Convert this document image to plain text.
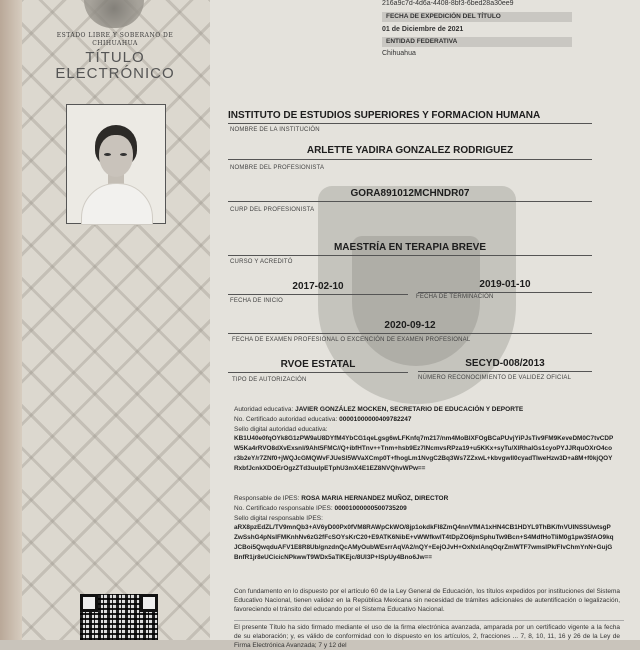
ESTADO LIBRE Y SOBERANO DE CHIHUAHUA
TÍTULO
ELECTRÓNICO
216a9c7d-4d6a-4408-8bf3-6bed28a30ee9
FECHA DE EXPEDICIÓN DEL TÍTULO
01 de Diciembre de 2021
ENTIDAD FEDERATIVA
Chihuahua
INSTITUTO DE ESTUDIOS SUPERIORES Y FORMACION HUMANA
NOMBRE DE LA INSTITUCIÓN
ARLETTE YADIRA GONZALEZ RODRIGUEZ
NOMBRE DEL PROFESIONISTA
GORA891012MCHNDR07
CURP DEL PROFESIONISTA
MAESTRÍA EN TERAPIA BREVE
CURSO Y ACREDITÓ
2017-02-10
FECHA DE INICIO
2019-01-10
FECHA DE TERMINACIÓN
2020-09-12
FECHA DE EXAMEN PROFESIONAL O EXCENCIÓN DE EXAMEN PROFESIONAL
RVOE ESTATAL
TIPO DE AUTORIZACIÓN
SECYD-008/2013
NÚMERO RECONOCIMIENTO DE VALIDEZ OFICIAL
Autoridad educativa: JAVIER GONZÁLEZ MOCKEN, SECRETARIO DE EDUCACIÓN Y DEPORTE
No. Certificado autoridad educativa: 00001000000409782247
Sello digital autoridad educativa:
KB1U40e0fqOYk8G1zPW9aU8DYfM4YbCG1qeLgsg6wLFKnfq7m217/nm4MoBlXFOgBCaPUvjYiPJsTiv9FM9KeveDM0C7tvCDPW5Ka4rRVO8dXvExsnl/9Aht5FMC//Q+ibfHTnv++Tnm+hsb9Ez7INcmvsRPza19+u5KKx+syTu/XlRhalGs1cyoPYJJRquOXrO4cor3b2eY/r7ZNf0+jWQJcGMQWvFJUeSI5WVaXCmp0T+fhogLm1NvgC2Bq3Ws7ZZxwL+kbvgwlI0cyadTIweHzw3D+a8M+f0kjQOYRxbfJcnkXDOErOgzZTd3uulpETphU3mX4E1EZ8NVQhvWPw==
Responsable de IPES: ROSA MARIA HERNANDEZ MUÑOZ, DIRECTOR
No. Certificado responsable IPES: 00001000000500735209
Sello digital responsable IPES:
aRX8pzEdZL/TV9mnQb3+AV6yD00Px0fVM8RAWpCkWO/8jp1okdkFI8ZmQ4nnVfMA1xHN4CB1HDYL9ThBK/fnVUINSSUwtsgPZwSshG4pNsIFMKnhNv6zG2fFcSOYsKrC20+E9ATK6NibE+vWWfkwlT4tDpZO6jmSphuTw9Bcn+S4MdfHoTIiM0g1pw35fAO9kqJCBoi5QwqduAFV1E8R8Ub/gnzdnQcAMyOubWEsrrAqVA2/nQY+EejOJvH+OxNxlAnqOqrZmWTF7wmsIPk/FlvChmYnN+GujGBnfR1jr8eUCicicNPkwwT9WDx5aTIKEjc/8UI3P+ISpUy4Bno6Jw==
Con fundamento en lo dispuesto por el artículo 60 de la Ley General de Educación, los títulos expedidos por instituciones del Sistema Educativo Nacional, tienen validez en la República Mexicana sin necesidad de trámites adicionales de autentificación o legalización, favoreciendo el tránsito del educando por el Sistema Educativo Nacional.
El presente Título ha sido firmado mediante el uso de la firma electrónica avanzada, amparada por un certificado vigente a la fecha de su elaboración; y, es válido de conformidad con lo dispuesto en los artículos, 2, fracciones ... 7, 8, 10, 11, 16 y 26 de la Ley de Firma Electrónica Avanzada; 7 y 12 del
